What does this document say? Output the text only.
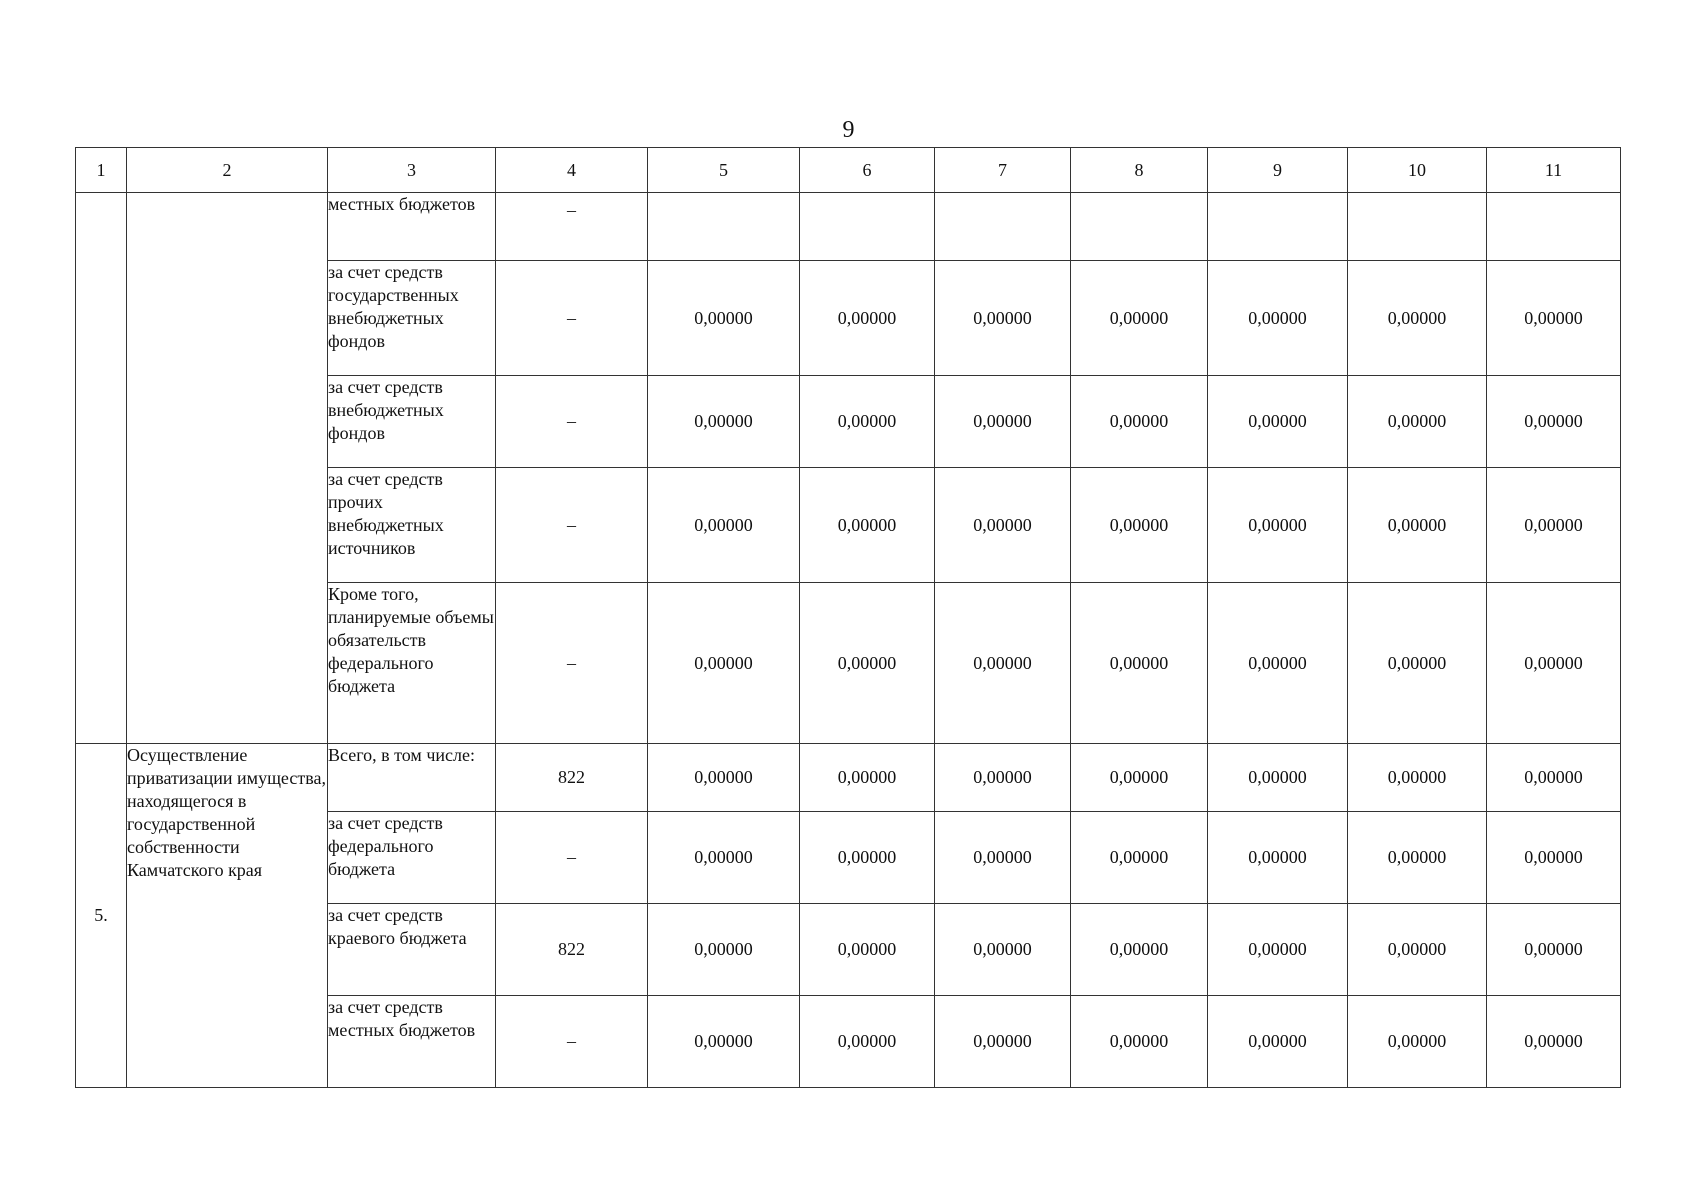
9
1	2	3	4	5	6	7	8	9	10	11
		местных бюджетов	–							
		за счет средств государственных внебюджетных фондов	–	0,00000	0,00000	0,00000	0,00000	0,00000	0,00000	0,00000
		за счет средств внебюджетных фондов	–	0,00000	0,00000	0,00000	0,00000	0,00000	0,00000	0,00000
		за счет средств прочих внебюджетных источников	–	0,00000	0,00000	0,00000	0,00000	0,00000	0,00000	0,00000
		Кроме того, планируемые объемы обязательств федерального бюджета	–	0,00000	0,00000	0,00000	0,00000	0,00000	0,00000	0,00000
5.	Осуществление приватизации имущества, находящегося в государственной собственности Камчатского края	Всего, в том числе:	822	0,00000	0,00000	0,00000	0,00000	0,00000	0,00000	0,00000
		за счет средств федерального бюджета	–	0,00000	0,00000	0,00000	0,00000	0,00000	0,00000	0,00000
		за счет средств краевого бюджета	822	0,00000	0,00000	0,00000	0,00000	0,00000	0,00000	0,00000
		за счет средств местных бюджетов	–	0,00000	0,00000	0,00000	0,00000	0,00000	0,00000	0,00000
